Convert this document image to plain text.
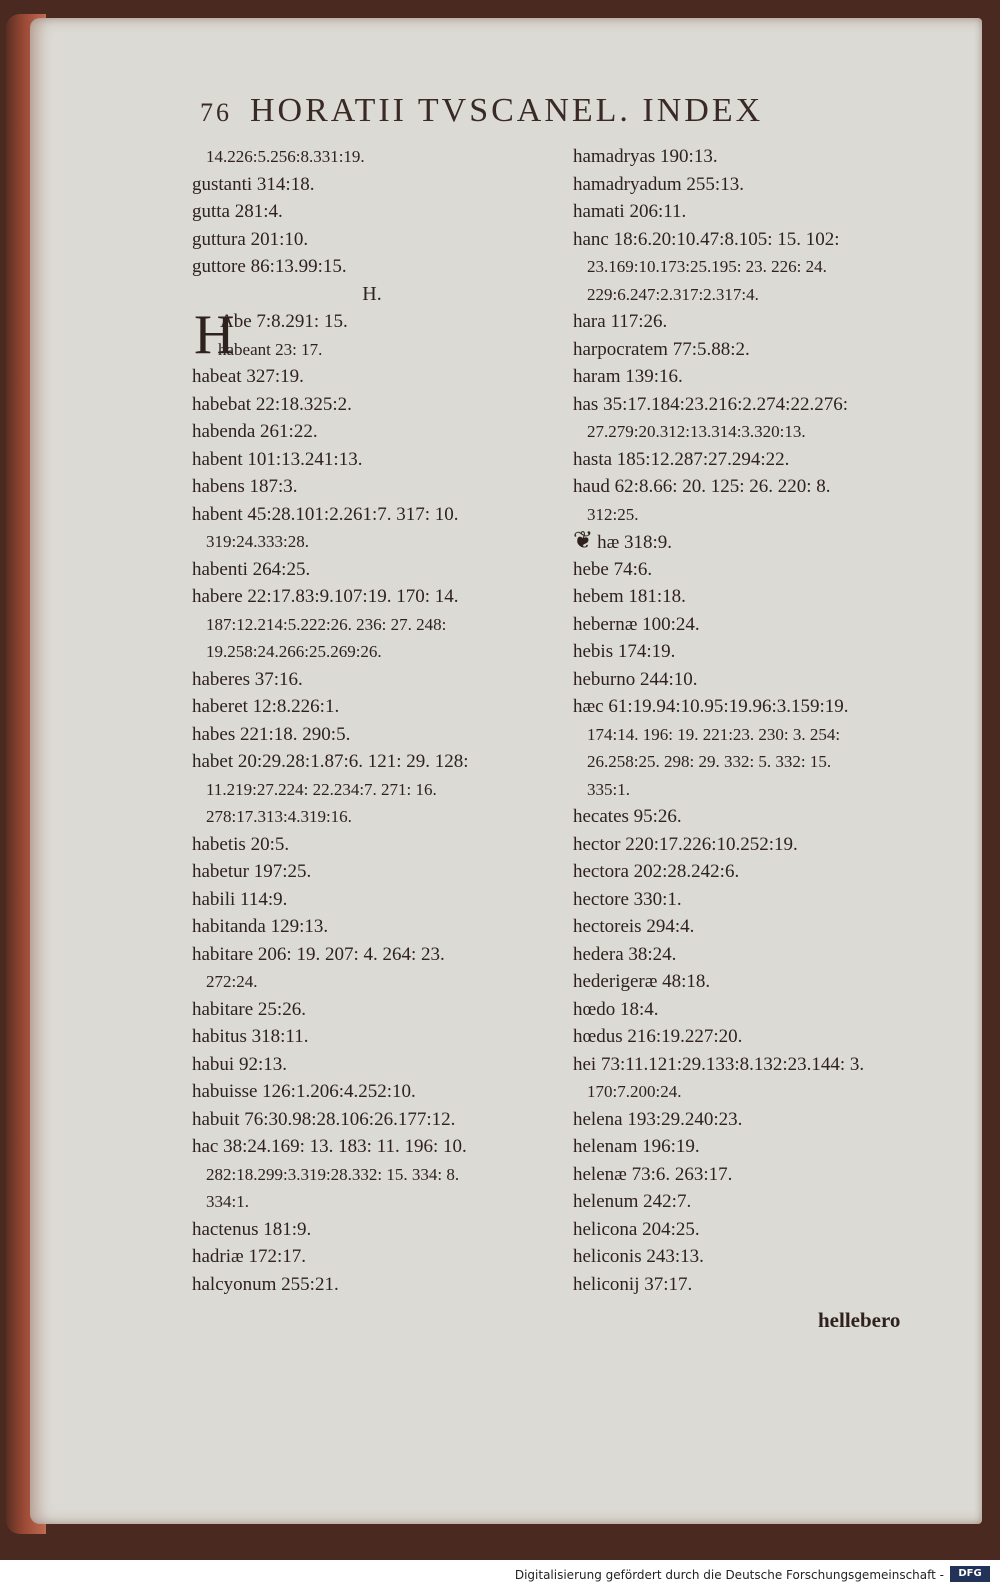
76 HORATII TVSCANEL. INDEX
14.226:5.256:8.331:19.
gustanti 314:18.
gutta 281:4.
guttura 201:10.
guttore 86:13.99:15.
H.
H
Abe 7:8.291: 15.
habeant 23: 17.
habeat 327:19.
habebat 22:18.325:2.
habenda 261:22.
habent 101:13.241:13.
habens 187:3.
habent 45:28.101:2.261:7. 317: 10.
319:24.333:28.
habenti 264:25.
habere 22:17.83:9.107:19. 170: 14.
187:12.214:5.222:26. 236: 27. 248:
19.258:24.266:25.269:26.
haberes 37:16.
haberet 12:8.226:1.
habes 221:18. 290:5.
habet 20:29.28:1.87:6. 121: 29. 128:
11.219:27.224: 22.234:7. 271: 16.
278:17.313:4.319:16.
habetis 20:5.
habetur 197:25.
habili 114:9.
habitanda 129:13.
habitare 206: 19. 207: 4. 264: 23.
272:24.
habitare 25:26.
habitus 318:11.
habui 92:13.
habuisse 126:1.206:4.252:10.
habuit 76:30.98:28.106:26.177:12.
hac 38:24.169: 13. 183: 11. 196: 10.
282:18.299:3.319:28.332: 15. 334: 8.
334:1.
hactenus 181:9.
hadriæ 172:17.
halcyonum 255:21.
hamadryas 190:13.
hamadryadum 255:13.
hamati 206:11.
hanc 18:6.20:10.47:8.105: 15. 102:
23.169:10.173:25.195: 23. 226: 24.
229:6.247:2.317:2.317:4.
hara 117:26.
harpocratem 77:5.88:2.
haram 139:16.
has 35:17.184:23.216:2.274:22.276:
27.279:20.312:13.314:3.320:13.
hasta 185:12.287:27.294:22.
haud 62:8.66: 20. 125: 26. 220: 8.
312:25.
❦ hæ 318:9.
hebe 74:6.
hebem 181:18.
hebernæ 100:24.
hebis 174:19.
heburno 244:10.
hæc 61:19.94:10.95:19.96:3.159:19.
174:14. 196: 19. 221:23. 230: 3. 254:
26.258:25. 298: 29. 332: 5. 332: 15.
335:1.
hecates 95:26.
hector 220:17.226:10.252:19.
hectora 202:28.242:6.
hectore 330:1.
hectoreis 294:4.
hedera 38:24.
hederigeræ 48:18.
hœdo 18:4.
hœdus 216:19.227:20.
hei 73:11.121:29.133:8.132:23.144: 3.
170:7.200:24.
helena 193:29.240:23.
helenam 196:19.
helenæ 73:6. 263:17.
helenum 242:7.
helicona 204:25.
heliconis 243:13.
heliconij 37:17.
hellebero
Digitalisierung gefördert durch die Deutsche Forschungsgemeinschaft -	DFG
